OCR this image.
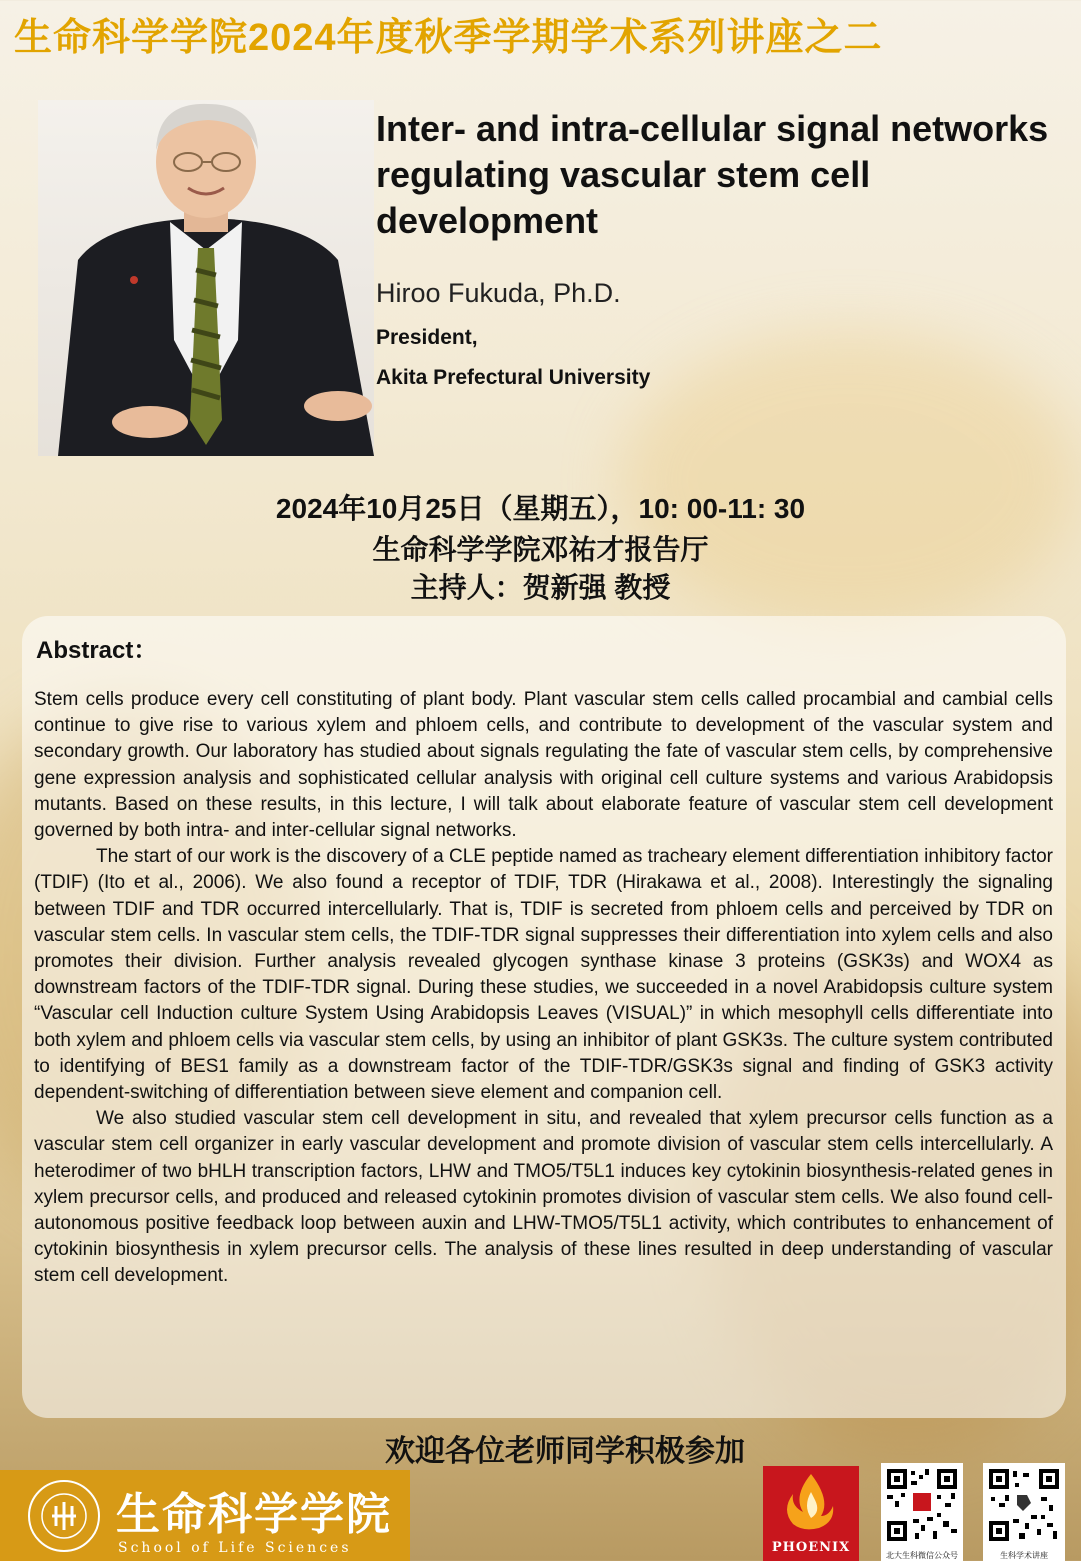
生命科学学院2024年度秋季学期学术系列讲座之二
Inter- and intra-cellular signal networks regulating vascular stem cell development
Hiroo Fukuda, Ph.D.
President,
Akita Prefectural University
2024年10月25日（星期五），10: 00-11: 30
生命科学学院邓祐才报告厅
主持人：贺新强 教授
Abstract：

Stem cells produce every cell constituting of plant body. Plant vascular stem cells called procambial and cambial cells continue to give rise to various xylem and phloem cells, and contribute to development of the vascular system and secondary growth. Our laboratory has studied about signals regulating the fate of vascular stem cells, by comprehensive gene expression analysis and sophisticated cellular analysis with original cell culture systems and various Arabidopsis mutants. Based on these results, in this lecture, I will talk about elaborate feature of vascular stem cell development governed by both intra- and inter-cellular signal networks.

The start of our work is the discovery of a CLE peptide named as tracheary element differentiation inhibitory factor (TDIF) (Ito et al., 2006). We also found a receptor of TDIF, TDR (Hirakawa et al., 2008). Interestingly the signaling between TDIF and TDR occurred intercellularly. That is, TDIF is secreted from phloem cells and perceived by TDR on vascular stem cells. In vascular stem cells, the TDIF-TDR signal suppresses their differentiation into xylem cells and also promotes their division. Further analysis revealed glycogen synthase kinase 3 proteins (GSK3s) and WOX4 as downstream factors of the TDIF-TDR signal. During these studies, we succeeded in a novel Arabidopsis culture system “Vascular cell Induction culture System Using Arabidopsis Leaves (VISUAL)” in which mesophyll cells differentiate into both xylem and phloem cells via vascular stem cells, by using an inhibitor of plant GSK3s. The culture system contributed to identifying of BES1 family as a downstream factor of the TDIF-TDR/GSK3s signal and finding of GSK3 activity dependent-switching of differentiation between sieve element and companion cell.

We also studied vascular stem cell development in situ, and revealed that xylem precursor cells function as a vascular stem cell organizer in early vascular development and promote division of vascular stem cells intercellularly. A heterodimer of two bHLH transcription factors, LHW and TMO5/T5L1 induces key cytokinin biosynthesis-related genes in xylem precursor cells, and produced and released cytokinin promotes division of vascular stem cells. We also found cell-autonomous positive feedback loop between auxin and LHW-TMO5/T5L1 activity, which contributes to enhancement of cytokinin biosynthesis in xylem precursor cells. The analysis of these lines resulted in deep understanding of vascular stem cell development.

欢迎各位老师同学积极参加
生命科学学院
School of Life Sciences	PHOENIX
北大生科微信公众号	生科学术讲座
